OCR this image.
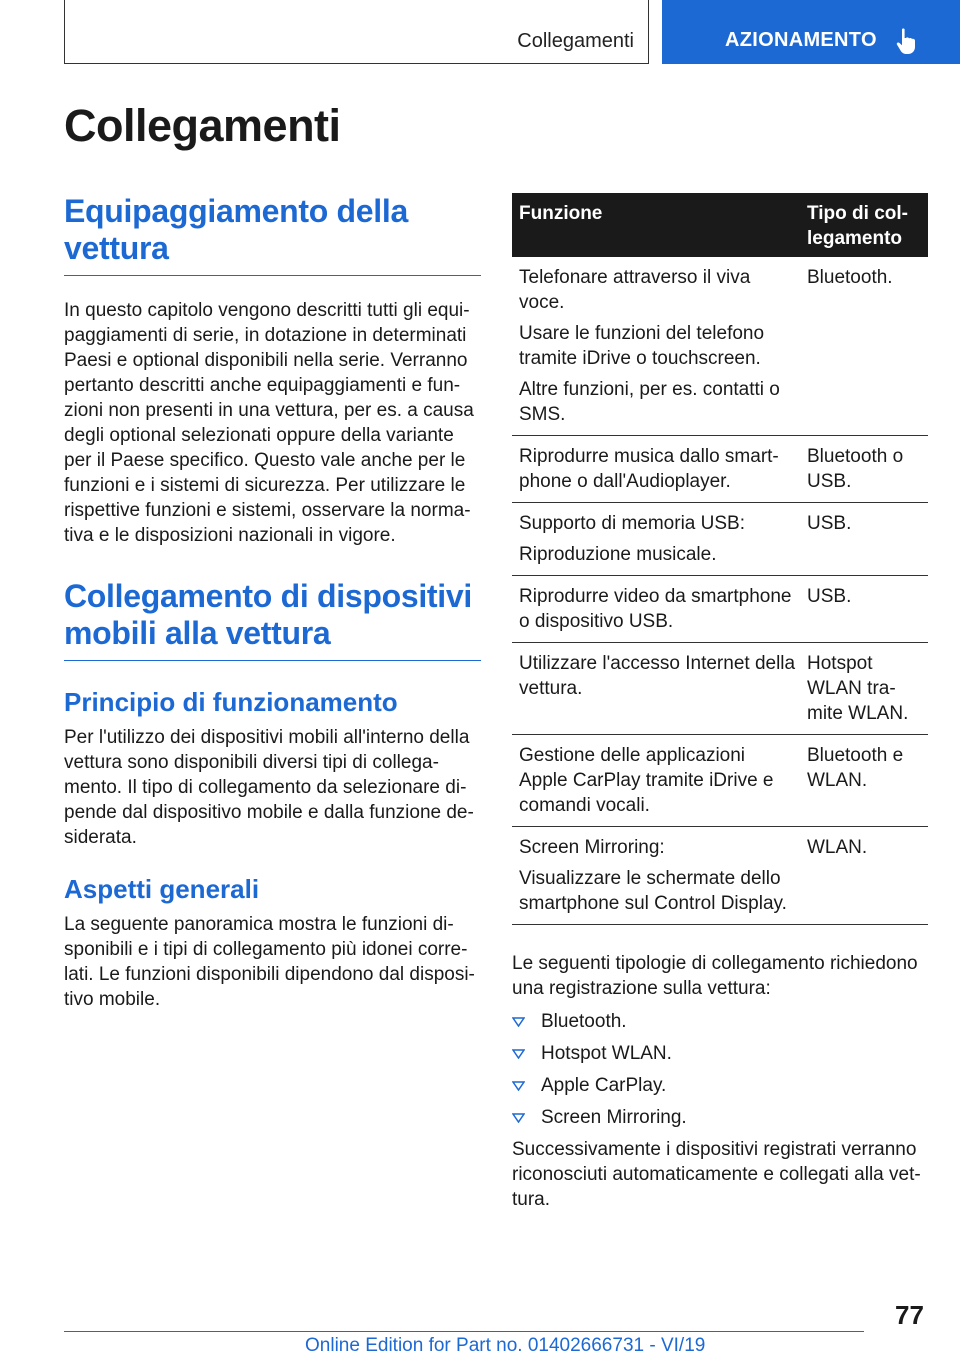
Collegamenti	AZIONAMENTO
Collegamenti
Equipaggiamento della vettura

In questo capitolo vengono descritti tutti gli equi-paggiamenti di serie, in dotazione in determinati Paesi e optional disponibili nella serie. Verranno pertanto descritti anche equipaggiamenti e fun-zioni non presenti in una vettura, per es. a causa degli optional selezionati oppure della variante per il Paese specifico. Questo vale anche per le funzioni e i sistemi di sicurezza. Per utilizzare le rispettive funzioni e sistemi, osservare la norma-tiva e le disposizioni nazionali in vigore.

Collegamento di dispositivi mobili alla vettura
Principio di funzionamento

Per l'utilizzo dei dispositivi mobili all'interno della vettura sono disponibili diversi tipi di collega-mento. Il tipo di collegamento da selezionare di-pende dal dispositivo mobile e dalla funzione de-siderata.

Aspetti generali

La seguente panoramica mostra le funzioni di-sponibili e i tipi di collegamento più idonei corre-lati. Le funzioni disponibili dipendono dal disposi-tivo mobile.

Funzione	Tipo di col-legamento

Telefonare attraverso il viva voce.

Usare le funzioni del telefono tramite iDrive o touchscreen.

Altre funzioni, per es. contatti o SMS.	Bluetooth.

Riprodurre musica dallo smart-phone o dall'Audioplayer.	Bluetooth o USB.

Supporto di memoria USB:

Riproduzione musicale.	USB.

Riprodurre video da smartphone o dispositivo USB.	USB.

Utilizzare l'accesso Internet della vettura.	Hotspot WLAN tra-mite WLAN.

Gestione delle applicazioni Apple CarPlay tramite iDrive e comandi vocali.	Bluetooth e WLAN.

Screen Mirroring:

Visualizzare le schermate dello smartphone sul Control Display.	WLAN.

Le seguenti tipologie di collegamento richiedono una registrazione sulla vettura:

Bluetooth.
Hotspot WLAN.
Apple CarPlay.
Screen Mirroring.

Successivamente i dispositivi registrati verranno riconosciuti automaticamente e collegati alla vet-tura.

77
Online Edition for Part no. 01402666731 - VI/19
